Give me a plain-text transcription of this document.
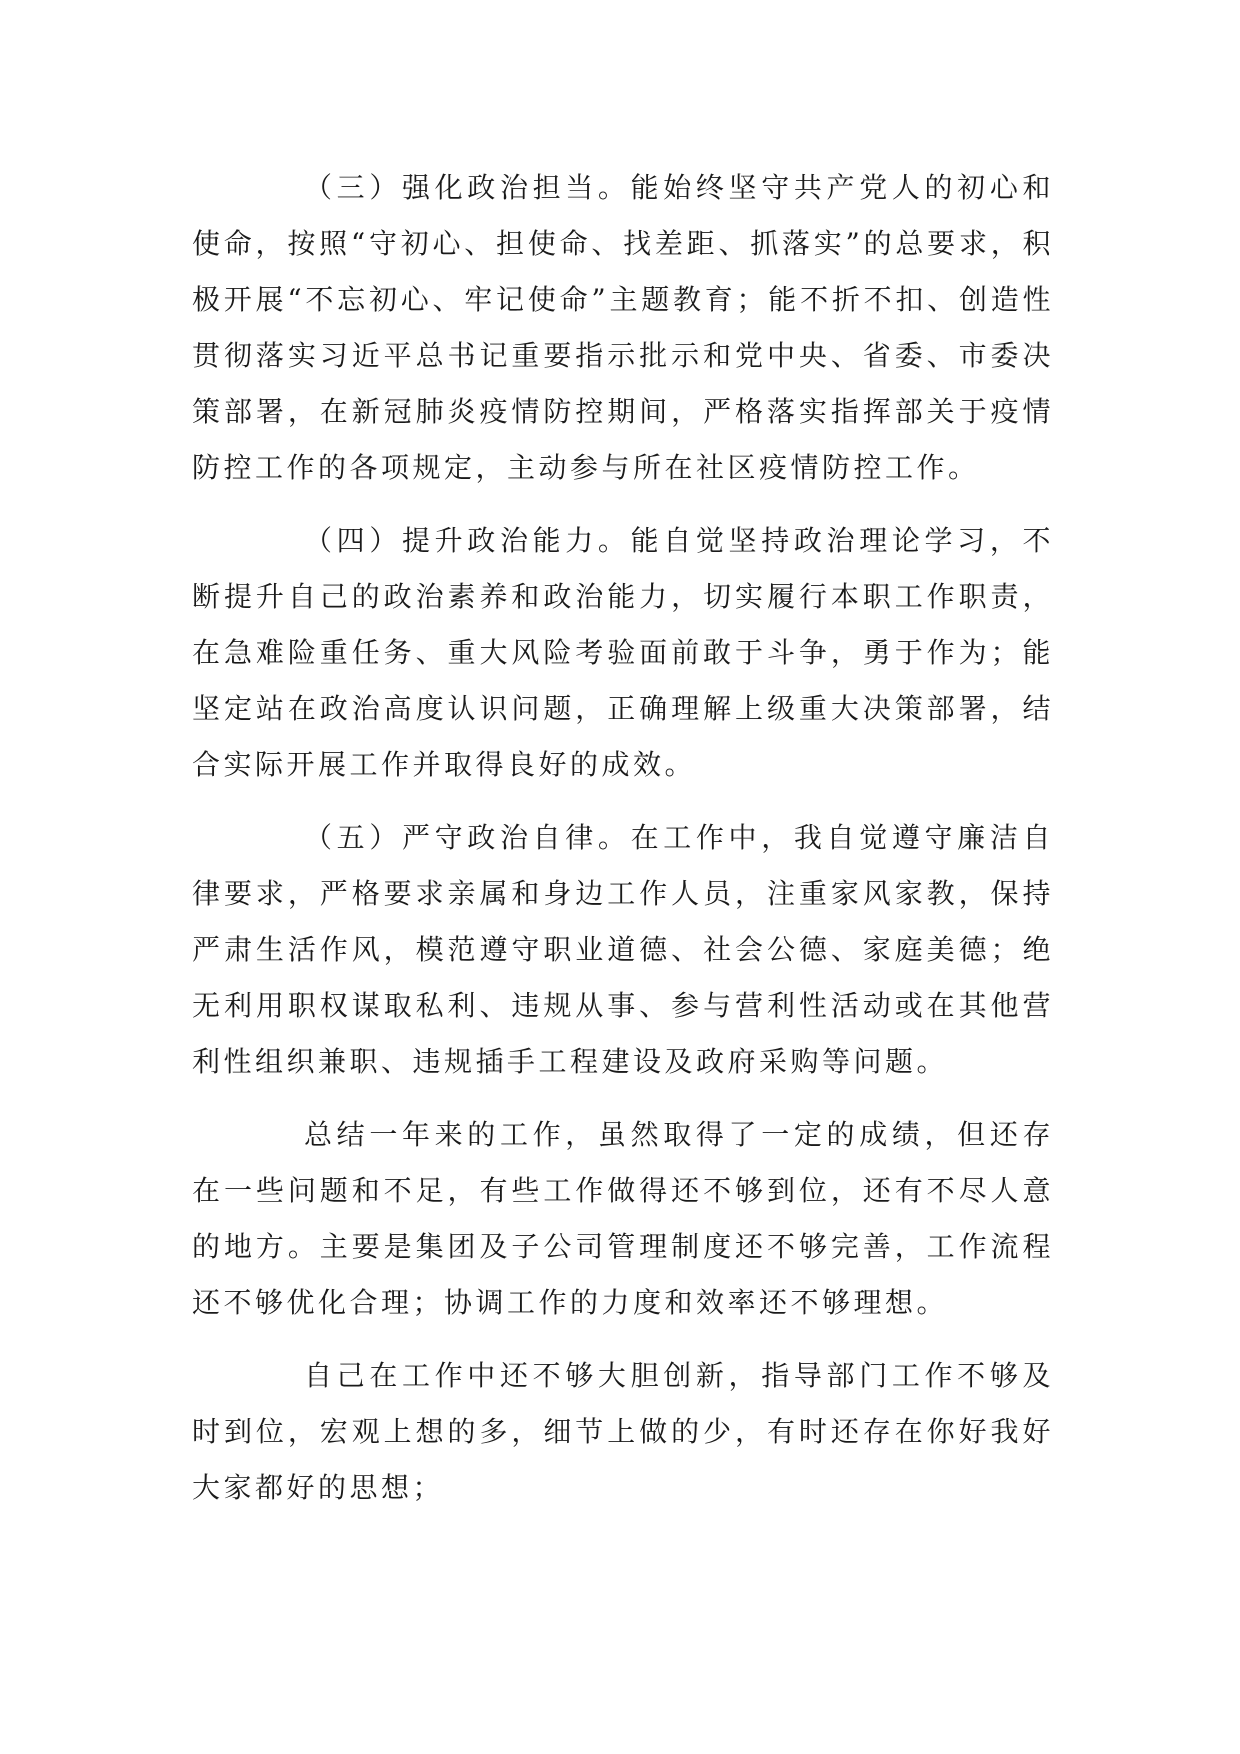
（三）强化政治担当。能始终坚守共产党人的初心和使命，按照“守初心、担使命、找差距、抓落实”的总要求，积极开展“不忘初心、牢记使命”主题教育；能不折不扣、创造性贯彻落实习近平总书记重要指示批示和党中央、省委、市委决策部署，在新冠肺炎疫情防控期间，严格落实指挥部关于疫情防控工作的各项规定，主动参与所在社区疫情防控工作。

（四）提升政治能力。能自觉坚持政治理论学习，不断提升自己的政治素养和政治能力，切实履行本职工作职责，在急难险重任务、重大风险考验面前敢于斗争，勇于作为；能坚定站在政治高度认识问题，正确理解上级重大决策部署，结合实际开展工作并取得良好的成效。

（五）严守政治自律。在工作中，我自觉遵守廉洁自律要求，严格要求亲属和身边工作人员，注重家风家教，保持严肃生活作风，模范遵守职业道德、社会公德、家庭美德；绝无利用职权谋取私利、违规从事、参与营利性活动或在其他营利性组织兼职、违规插手工程建设及政府采购等问题。

总结一年来的工作，虽然取得了一定的成绩，但还存在一些问题和不足，有些工作做得还不够到位，还有不尽人意的地方。主要是集团及子公司管理制度还不够完善，工作流程还不够优化合理；协调工作的力度和效率还不够理想。

自己在工作中还不够大胆创新，指导部门工作不够及时到位，宏观上想的多，细节上做的少，有时还存在你好我好大家都好的思想；
